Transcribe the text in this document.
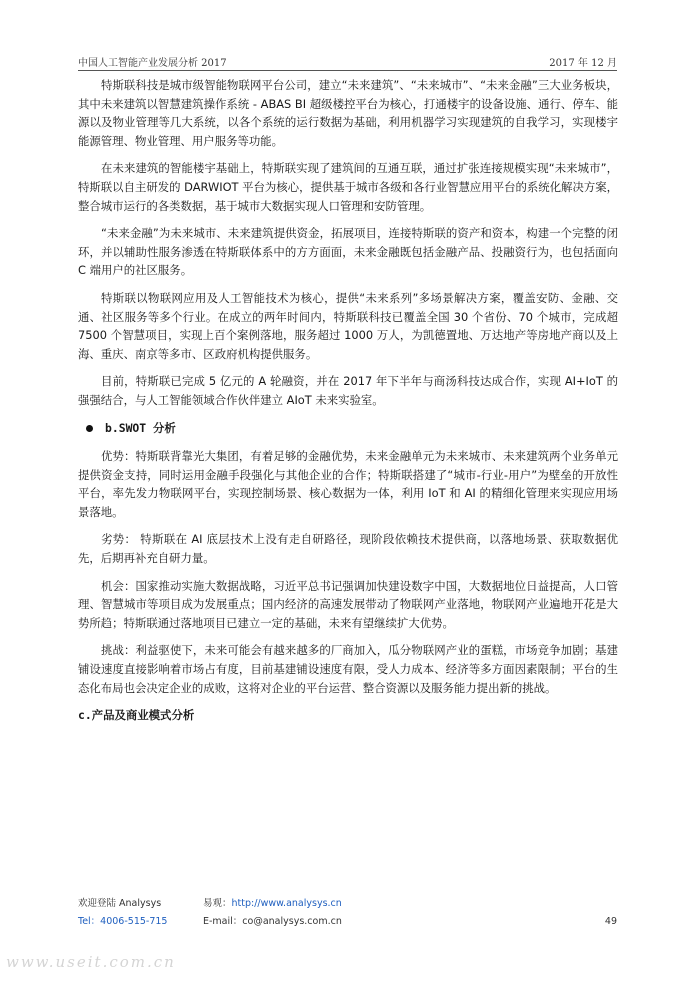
中国人工智能产业发展分析 2017	2017 年 12 月

特斯联科技是城市级智能物联网平台公司，建立“未来建筑”、“未来城市”、“未来金融”三大业务板块，其中未来建筑以智慧建筑操作系统 - ABAS BI 超级楼控平台为核心，打通楼宇的设备设施、通行、停车、能源以及物业管理等几大系统，以各个系统的运行数据为基础，利用机器学习实现建筑的自我学习，实现楼宇能源管理、物业管理、用户服务等功能。

在未来建筑的智能楼宇基础上，特斯联实现了建筑间的互通互联，通过扩张连接规模实现“未来城市”，特斯联以自主研发的 DARWIOT 平台为核心，提供基于城市各级和各行业智慧应用平台的系统化解决方案，整合城市运行的各类数据，基于城市大数据实现人口管理和安防管理。

“未来金融”为未来城市、未来建筑提供资金，拓展项目，连接特斯联的资产和资本，构建一个完整的闭环，并以辅助性服务渗透在特斯联体系中的方方面面，未来金融既包括金融产品、投融资行为，也包括面向 C 端用户的社区服务。

特斯联以物联网应用及人工智能技术为核心，提供“未来系列”多场景解决方案，覆盖安防、金融、交通、社区服务等多个行业。在成立的两年时间内，特斯联科技已覆盖全国 30 个省份、70 个城市，完成超 7500 个智慧项目，实现上百个案例落地，服务超过 1000 万人，为凯德置地、万达地产等房地产商以及上海、重庆、南京等多市、区政府机构提供服务。

目前，特斯联已完成 5 亿元的 A 轮融资，并在 2017 年下半年与商汤科技达成合作，实现 AI+IoT 的强强结合，与人工智能领域合作伙伴建立 AIoT 未来实验室。

b.SWOT 分析

优势：特斯联背靠光大集团，有着足够的金融优势，未来金融单元为未来城市、未来建筑两个业务单元提供资金支持，同时运用金融手段强化与其他企业的合作；特斯联搭建了“城市-行业-用户”为壁垒的开放性平台，率先发力物联网平台，实现控制场景、核心数据为一体，利用 IoT 和 AI 的精细化管理来实现应用场景落地。

劣势： 特斯联在 AI 底层技术上没有走自研路径，现阶段依赖技术提供商，以落地场景、获取数据优先，后期再补充自研力量。

机会：国家推动实施大数据战略，习近平总书记强调加快建设数字中国，大数据地位日益提高，人口管理、智慧城市等项目成为发展重点；国内经济的高速发展带动了物联网产业落地，物联网产业遍地开花是大势所趋；特斯联通过落地项目已建立一定的基础，未来有望继续扩大优势。

挑战：利益驱使下，未来可能会有越来越多的厂商加入，瓜分物联网产业的蛋糕，市场竞争加剧；基建铺设速度直接影响着市场占有度，目前基建铺设速度有限，受人力成本、经济等多方面因素限制；平台的生态化布局也会决定企业的成败，这将对企业的平台运营、整合资源以及服务能力提出新的挑战。

c.产品及商业模式分析
欢迎登陆 Analysys	易观：http://www.analysys.cn
Tel：4006-515-715	E-mail：co@analysys.com.cn	49
www.useit.com.cn
